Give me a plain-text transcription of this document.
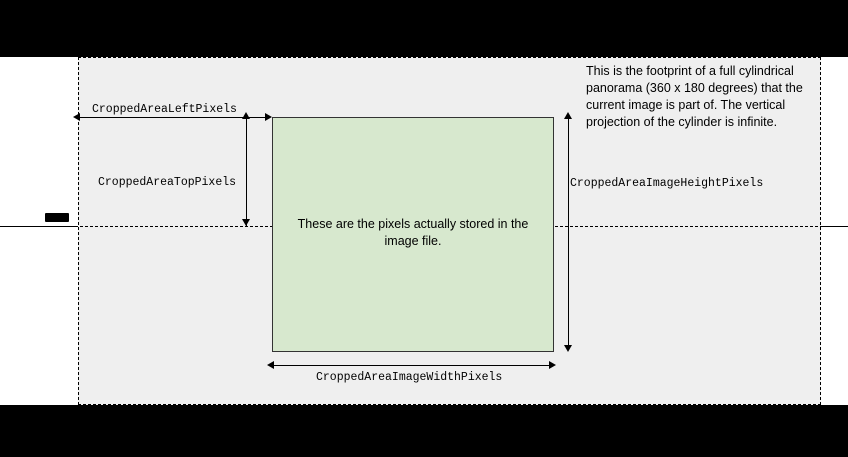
These are the pixels actually stored in the image file.
This is the footprint of a full cylindrical panorama (360 x 180 degrees) that the current image is part of. The vertical projection of the cylinder is infinite.
CroppedAreaLeftPixels
CroppedAreaTopPixels	CroppedAreaImageHeightPixels
CroppedAreaImageWidthPixels
